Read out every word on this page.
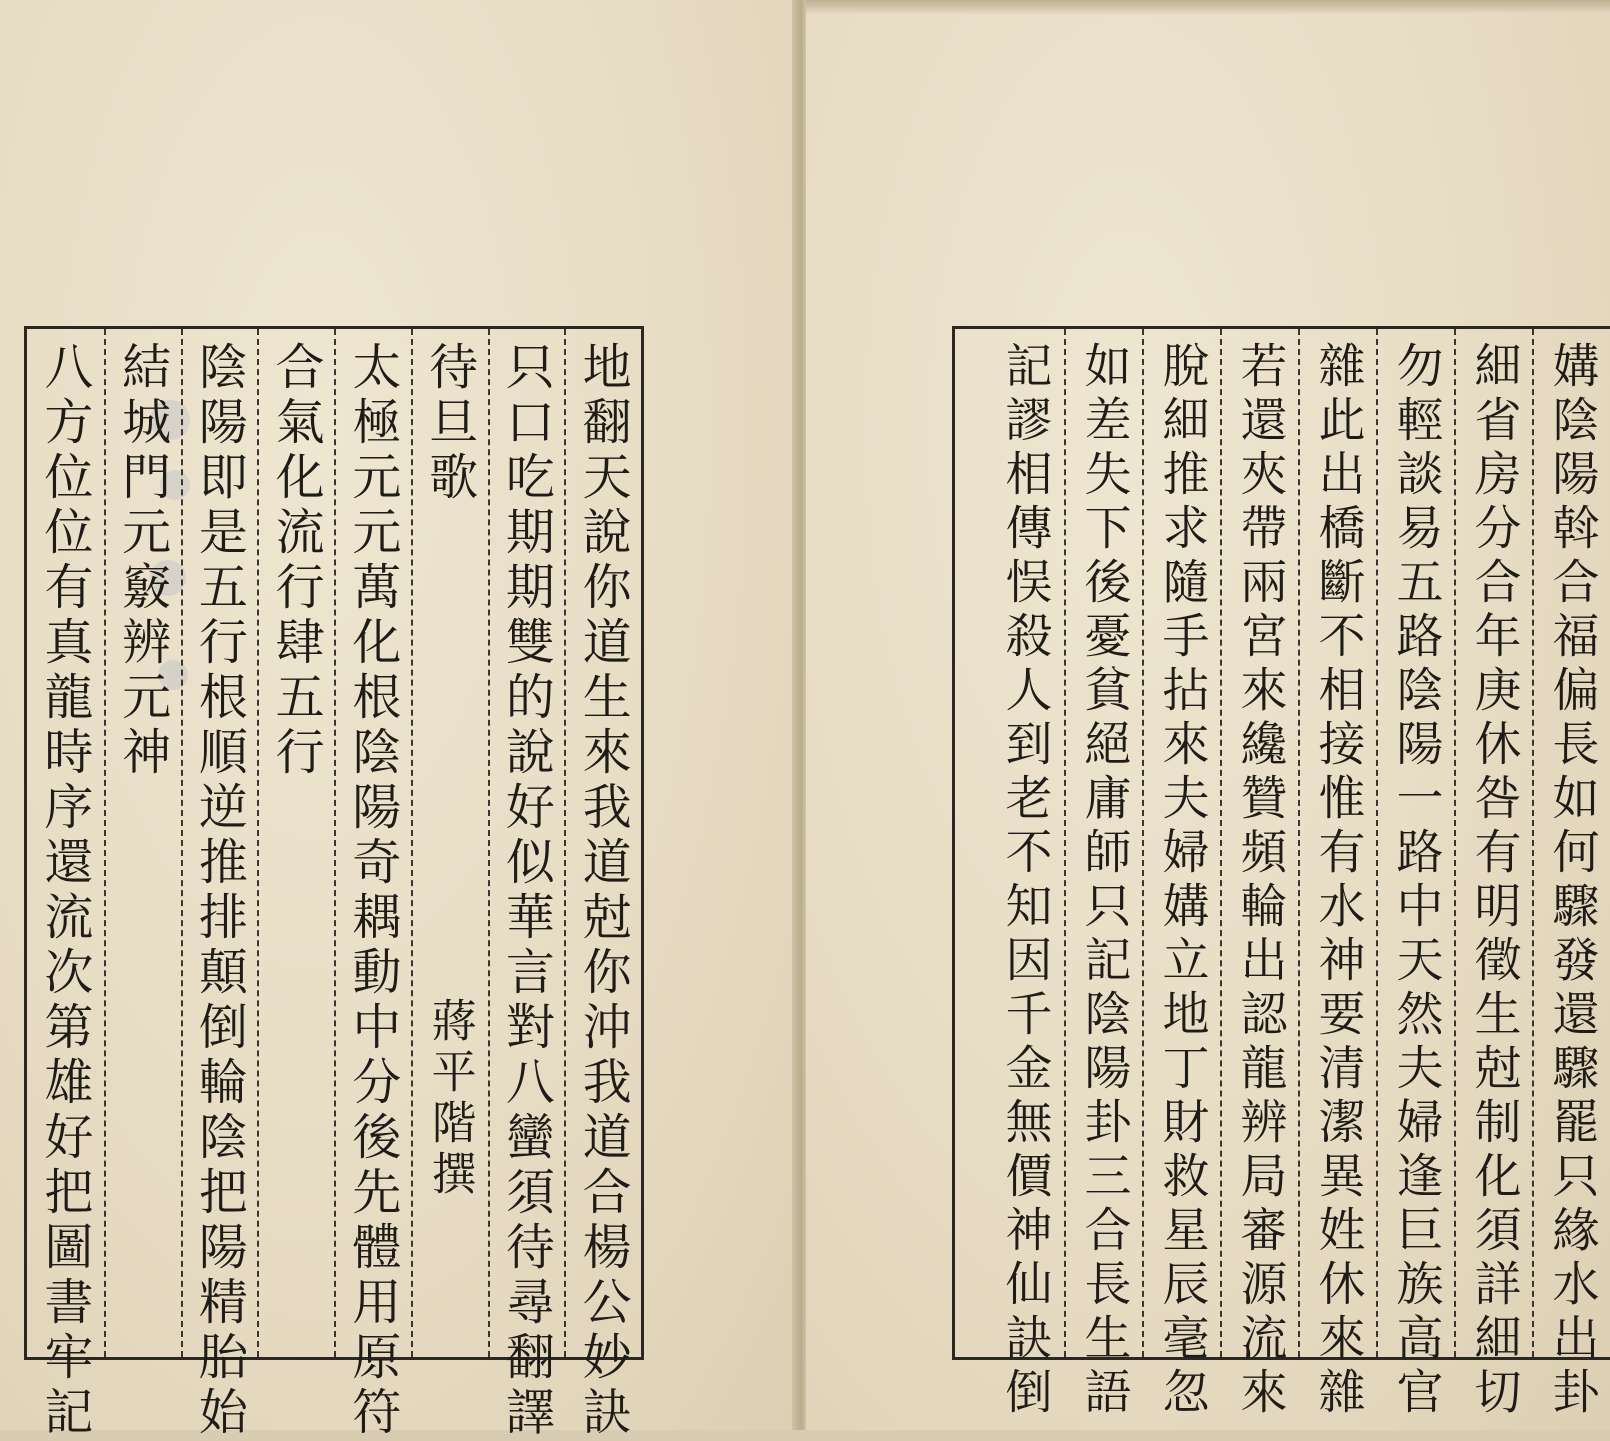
地翻天說你道生來我道尅你沖我道合楊公妙訣
只口吃期期雙的說好似華言對八蠻須待尋翻譯
待旦歌
蔣平階撰
太極元元萬化根陰陽奇耦動中分後先體用原符
合氣化流行肆五行
陰陽即是五行根順逆推排顛倒輪陰把陽精胎始
結城門元竅辨元神
八方位位有真龍時序還流次第雄好把圖書牢記	媾陰陽斡合福偏長如何驟發還驟罷只緣水出卦
細省房分合年庚休咎有明徵生尅制化須詳細切
勿輕談易五路陰陽一路中天然夫婦逢巨族高官
雜此出橋斷不相接惟有水神要清潔異姓休來雜
若還夾帶兩宮來纔贊頻輪出認龍辨局審源流來
脫細推求隨手拈來夫婦媾立地丁財救星辰毫忽
如差失下後憂貧絕庸師只記陰陽卦三合長生語
記謬相傳悮殺人到老不知因千金無價神仙訣倒
